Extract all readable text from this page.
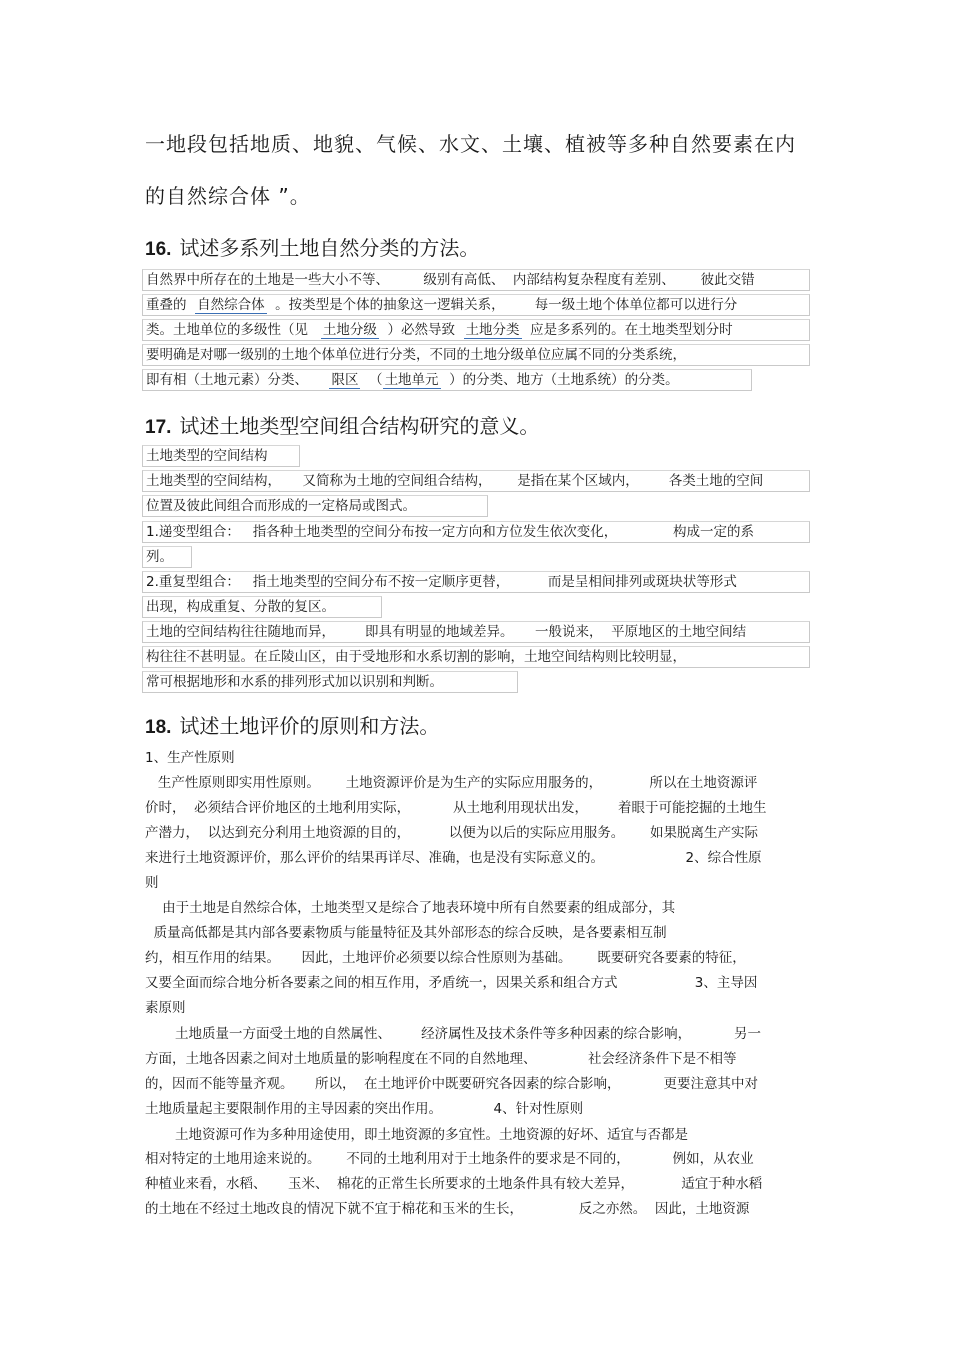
一地段包括地质、地貌、气候、水文、土壤、植被等多种自然要素在内
的自然综合体 ”。
16. 试述多系列土地自然分类的方法。
自然界中所存在的土地是一些大小不等、        级别有高低、  内部结构复杂程度有差别、      彼此交错
重叠的  自然综合体  。按类型是个体的抽象这一逻辑关系，       每一级土地个体单位都可以进行分
类。土地单位的多级性（见   土地分级  ）必然导致  土地分类  应是多系列的。在土地类型划分时
要明确是对哪一级别的土地个体单位进行分类，不同的土地分级单位应属不同的分类系统，
即有相（土地元素）分类、     限区  （ 土地单元  ）的分类、地方（土地系统）的分类。
17. 试述土地类型空间组合结构研究的意义。
土地类型的空间结构
土地类型的空间结构，     又简称为土地的空间组合结构，      是指在某个区域内，       各类土地的空间
位置及彼此间组合而形成的一定格局或图式。
1.递变型组合：   指各种土地类型的空间分布按一定方向和方位发生依次变化，             构成一定的系
列。
2.重复型组合：   指土地类型的空间分布不按一定顺序更替，         而是呈相间排列或斑块状等形式
出现，构成重复、分散的复区。
土地的空间结构往往随地而异，       即具有明显的地域差异。     一般说来，  平原地区的土地空间结
构往往不甚明显。在丘陵山区，由于受地形和水系切割的影响，土地空间结构则比较明显，
常可根据地形和水系的排列形式加以识别和判断。
18. 试述土地评价的原则和方法。
1、生产性原则
生产性原则即实用性原则。      土地资源评价是为生产的实际应用服务的，           所以在土地资源评
价时，  必须结合评价地区的土地利用实际，          从土地利用现状出发，       着眼于可能挖掘的土地生
产潜力，  以达到充分利用土地资源的目的，         以便为以后的实际应用服务。      如果脱离生产实际
来进行土地资源评价，那么评价的结果再详尽、准确，也是没有实际意义的。                   2、综合性原
则
由于土地是自然综合体，土地类型又是综合了地表环境中所有自然要素的组成部分，其
质量高低都是其内部各要素物质与能量特征及其外部形态的综合反映，是各要素相互制
约，相互作用的结果。     因此，土地评价必须要以综合性原则为基础。      既要研究各要素的特征，
又要全面而综合地分析各要素之间的相互作用，矛盾统一，因果关系和组合方式                  3、主导因
素原则
土地质量一方面受土地的自然属性、       经济属性及技术条件等多种因素的综合影响，          另一
方面，土地各因素之间对土地质量的影响程度在不同的自然地理、            社会经济条件下是不相等
的，因而不能等量齐观。     所以，  在土地评价中既要研究各因素的综合影响，          更要注意其中对
土地质量起主要限制作用的主导因素的突出作用。            4、针对性原则
土地资源可作为多种用途使用，即土地资源的多宜性。土地资源的好坏、适宜与否都是
相对特定的土地用途来说的。      不同的土地利用对于土地条件的要求是不同的，          例如，从农业
种植业来看，水稻、     玉米、  棉花的正常生长所要求的土地条件具有较大差异，           适宜于种水稻
的土地在不经过土地改良的情况下就不宜于棉花和玉米的生长，             反之亦然。  因此，土地资源
